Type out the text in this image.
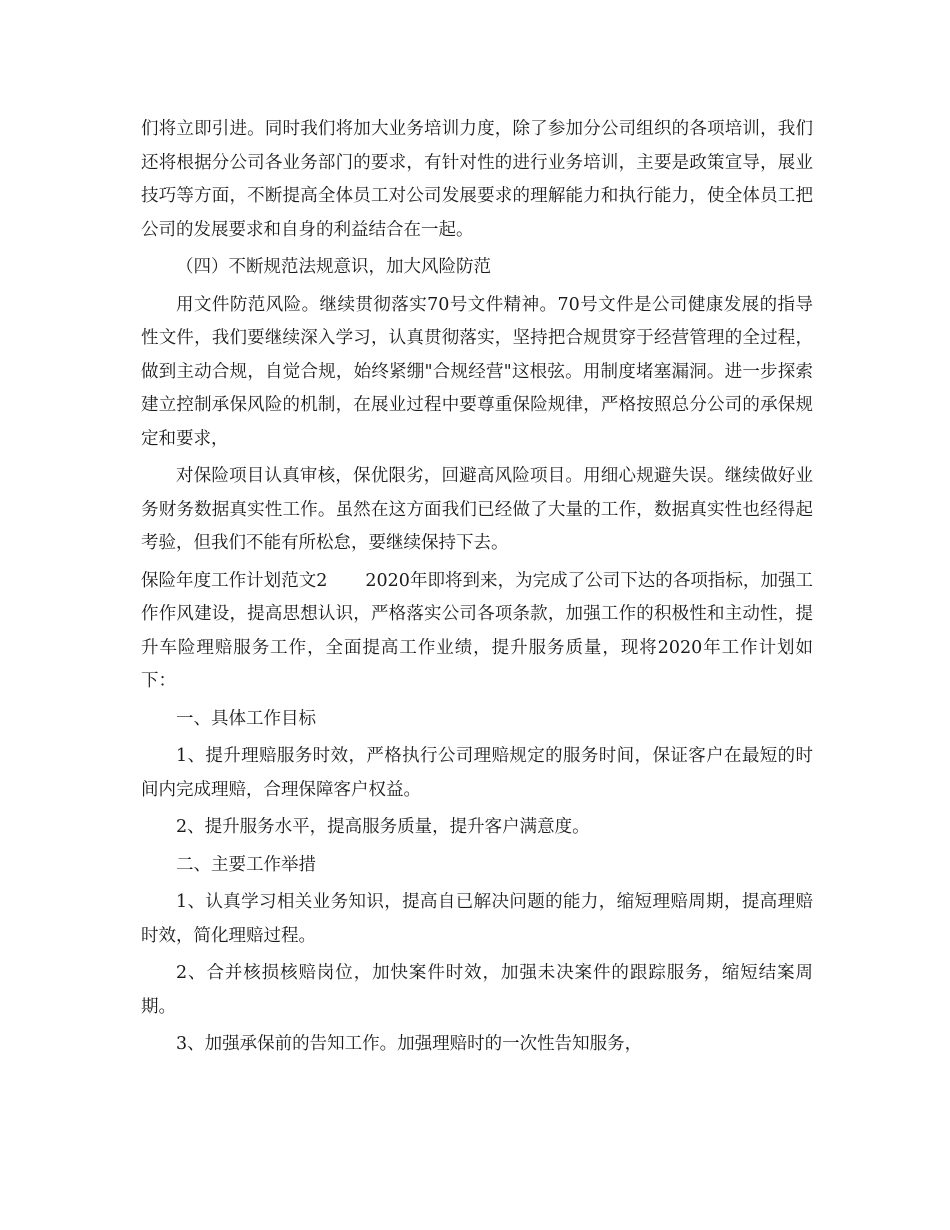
们将立即引进。同时我们将加大业务培训力度，除了参加分公司组织的各项培训，我们还将根据分公司各业务部门的要求，有针对性的进行业务培训，主要是政策宣导，展业技巧等方面，不断提高全体员工对公司发展要求的理解能力和执行能力，使全体员工把公司的发展要求和自身的利益结合在一起。

（四）不断规范法规意识，加大风险防范

用文件防范风险。继续贯彻落实70号文件精神。70号文件是公司健康发展的指导性文件，我们要继续深入学习，认真贯彻落实，坚持把合规贯穿于经营管理的全过程，做到主动合规，自觉合规，始终紧绷"合规经营"这根弦。用制度堵塞漏洞。进一步探索建立控制承保风险的机制，在展业过程中要尊重保险规律，严格按照总分公司的承保规定和要求，

对保险项目认真审核，保优限劣，回避高风险项目。用细心规避失误。继续做好业务财务数据真实性工作。虽然在这方面我们已经做了大量的工作，数据真实性也经得起考验，但我们不能有所松怠，要继续保持下去。

保险年度工作计划范文2 2020年即将到来，为完成了公司下达的各项指标，加强工作作风建设，提高思想认识，严格落实公司各项条款，加强工作的积极性和主动性，提升车险理赔服务工作，全面提高工作业绩，提升服务质量，现将2020年工作计划如下：

一、具体工作目标

1、提升理赔服务时效，严格执行公司理赔规定的服务时间，保证客户在最短的时间内完成理赔，合理保障客户权益。

2、提升服务水平，提高服务质量，提升客户满意度。

二、主要工作举措

1、认真学习相关业务知识，提高自已解决问题的能力，缩短理赔周期，提高理赔时效，简化理赔过程。

2、合并核损核赔岗位，加快案件时效，加强未决案件的跟踪服务，缩短结案周期。

3、加强承保前的告知工作。加强理赔时的一次性告知服务，
